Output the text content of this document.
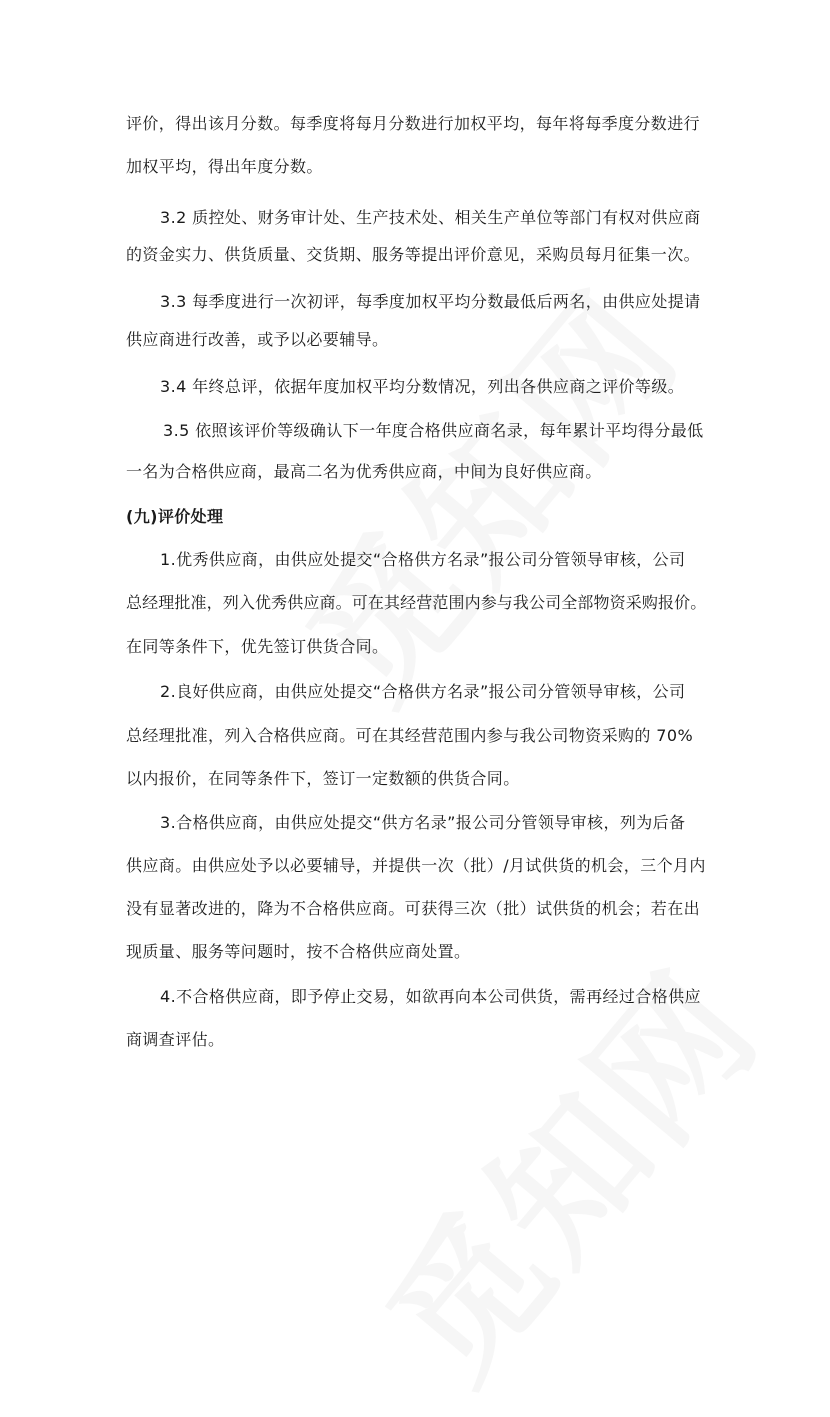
评价，得出该月分数。每季度将每月分数进行加权平均，每年将每季度分数进行
加权平均，得出年度分数。
3.2 质控处、财务审计处、生产技术处、相关生产单位等部门有权对供应商
的资金实力、供货质量、交货期、服务等提出评价意见，采购员每月征集一次。
3.3 每季度进行一次初评，每季度加权平均分数最低后两名，由供应处提请
供应商进行改善，或予以必要辅导。
3.4 年终总评，依据年度加权平均分数情况，列出各供应商之评价等级。
3.5 依照该评价等级确认下一年度合格供应商名录，每年累计平均得分最低
一名为合格供应商，最高二名为优秀供应商，中间为良好供应商。
(九)评价处理
1.优秀供应商，由供应处提交“合格供方名录”报公司分管领导审核，公司
总经理批准，列入优秀供应商。可在其经营范围内参与我公司全部物资采购报价。
在同等条件下，优先签订供货合同。
2.良好供应商，由供应处提交“合格供方名录”报公司分管领导审核，公司
总经理批准，列入合格供应商。可在其经营范围内参与我公司物资采购的 70%
以内报价，在同等条件下，签订一定数额的供货合同。
3.合格供应商，由供应处提交“供方名录”报公司分管领导审核，列为后备
供应商。由供应处予以必要辅导，并提供一次（批）/月试供货的机会，三个月内
没有显著改进的，降为不合格供应商。可获得三次（批）试供货的机会；若在出
现质量、服务等问题时，按不合格供应商处置。
4.不合格供应商，即予停止交易，如欲再向本公司供货，需再经过合格供应
商调查评估。
